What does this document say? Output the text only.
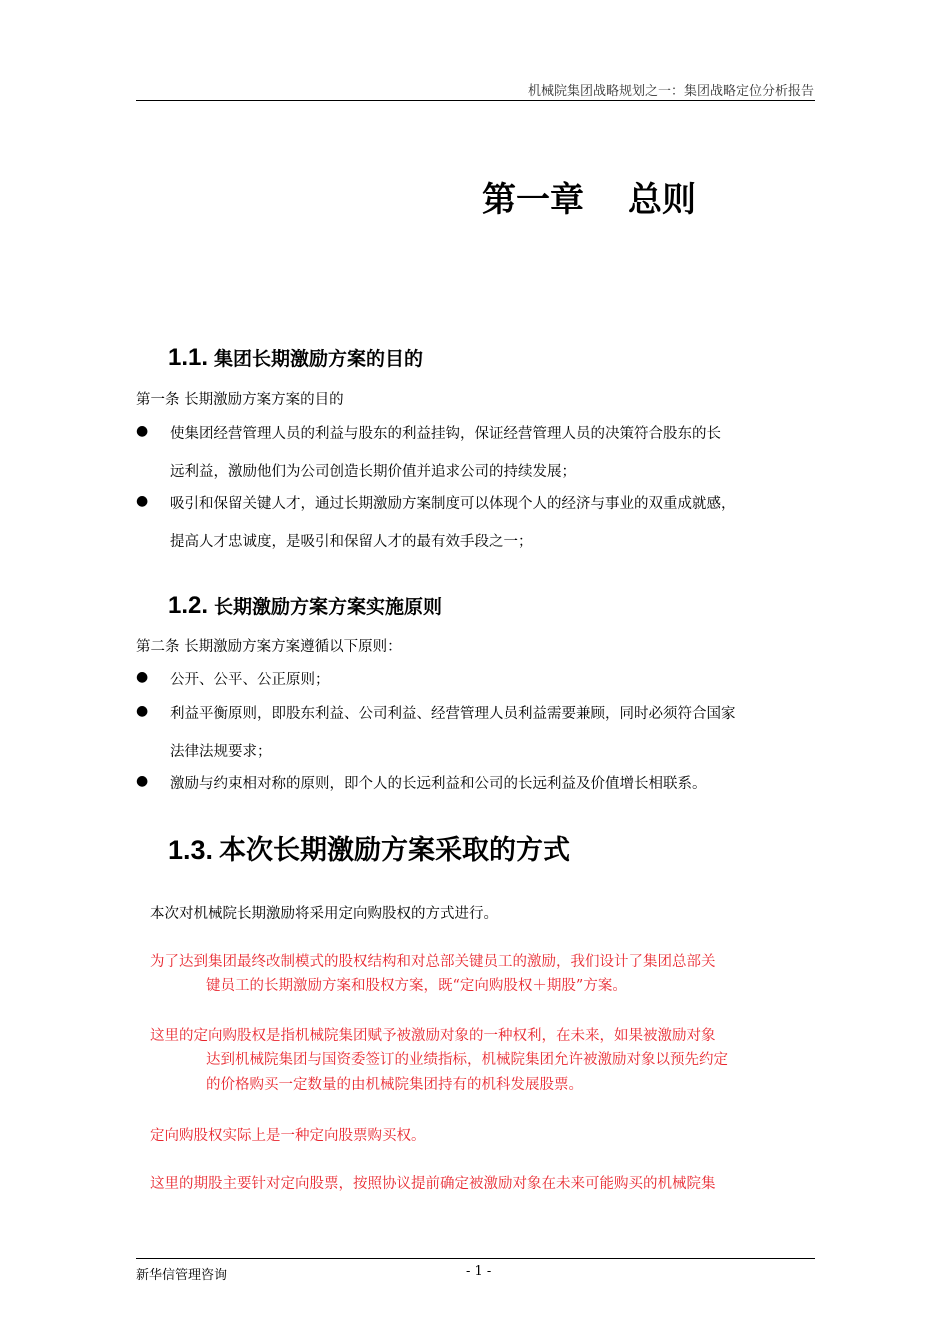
机械院集团战略规划之一：集团战略定位分析报告
第一章 总则
1.1. 集团长期激励方案的目的
第一条 长期激励方案方案的目的
● 使集团经营管理人员的利益与股东的利益挂钩，保证经营管理人员的决策符合股东的长
远利益，激励他们为公司创造长期价值并追求公司的持续发展；
● 吸引和保留关键人才，通过长期激励方案制度可以体现个人的经济与事业的双重成就感，
提高人才忠诚度，是吸引和保留人才的最有效手段之一；
1.2. 长期激励方案方案实施原则
第二条 长期激励方案方案遵循以下原则：
● 公开、公平、公正原则；
● 利益平衡原则，即股东利益、公司利益、经营管理人员利益需要兼顾，同时必须符合国家
法律法规要求；
● 激励与约束相对称的原则，即个人的长远利益和公司的长远利益及价值增长相联系。
1.3. 本次长期激励方案采取的方式
本次对机械院长期激励将采用定向购股权的方式进行。
为了达到集团最终改制模式的股权结构和对总部关键员工的激励，我们设计了集团总部关
键员工的长期激励方案和股权方案，既“定向购股权＋期股”方案。
这里的定向购股权是指机械院集团赋予被激励对象的一种权利，在未来，如果被激励对象
达到机械院集团与国资委签订的业绩指标，机械院集团允许被激励对象以预先约定
的价格购买一定数量的由机械院集团持有的机科发展股票。
定向购股权实际上是一种定向股票购买权。
这里的期股主要针对定向股票，按照协议提前确定被激励对象在未来可能购买的机械院集
新华信管理咨询	- 1 -
